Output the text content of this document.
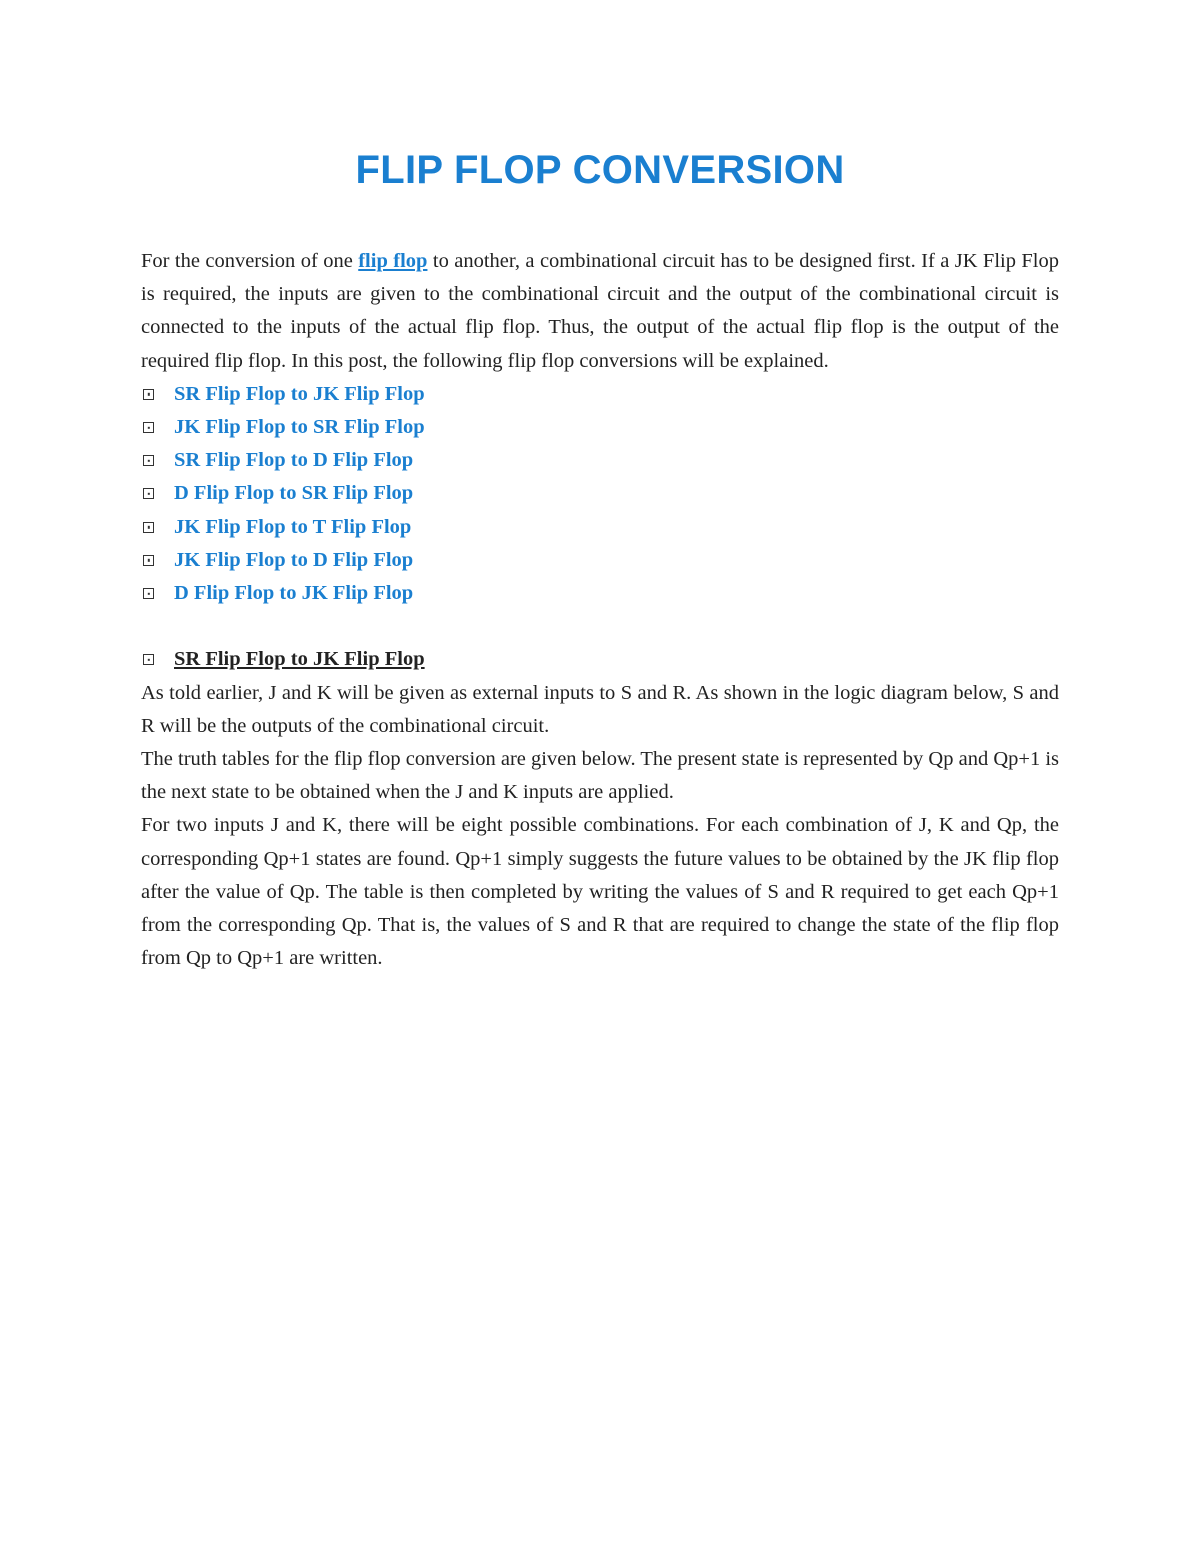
FLIP FLOP CONVERSION

For the conversion of one flip flop to another, a combinational circuit has to be designed first. If a JK Flip Flop is required, the inputs are given to the combinational circuit and the output of the combinational circuit is connected to the inputs of the actual flip flop. Thus, the output of the actual flip flop is the output of the required flip flop. In this post, the following flip flop conversions will be explained.

SR Flip Flop to JK Flip Flop
JK Flip Flop to SR Flip Flop
SR Flip Flop to D Flip Flop
D Flip Flop to SR Flip Flop
JK Flip Flop to T Flip Flop
JK Flip Flop to D Flip Flop
D Flip Flop to JK Flip Flop
SR Flip Flop to JK Flip Flop

As told earlier, J and K will be given as external inputs to S and R. As shown in the logic diagram below, S and R will be the outputs of the combinational circuit.

The truth tables for the flip flop conversion are given below. The present state is represented by Qp and Qp+1 is the next state to be obtained when the J and K inputs are applied.

For two inputs J and K, there will be eight possible combinations. For each combination of J, K and Qp, the corresponding Qp+1 states are found. Qp+1 simply suggests the future values to be obtained by the JK flip flop after the value of Qp. The table is then completed by writing the values of S and R required to get each Qp+1 from the corresponding Qp. That is, the values of S and R that are required to change the state of the flip flop from Qp to Qp+1 are written.
